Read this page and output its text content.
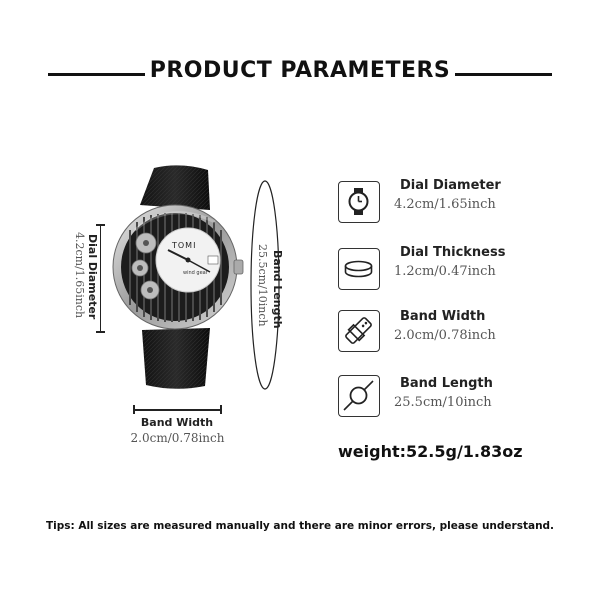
PRODUCT PARAMETERS
Dial Diameter
4.2cm/1.65inch	TOMI
wind gear	Band Length
25.5cm/10inch
Band Width
2.0cm/0.78inch
Dial Diameter
4.2cm/1.65inch
Dial Thickness
1.2cm/0.47inch
Band Width
2.0cm/0.78inch
Band Length
25.5cm/10inch
weight:52.5g/1.83oz
Tips: All sizes are measured manually and there are minor errors, please understand.
